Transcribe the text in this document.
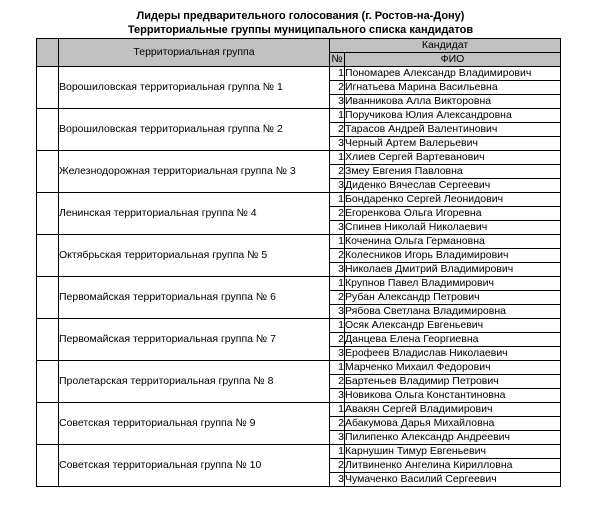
Лидеры предварительного голосования (г. Ростов-на-Дону)
Территориальные группы муниципального списка кандидатов
	Территориальная группа	Кандидат	
		№	ФИО
	Ворошиловская территориальная группа № 1	1	Пономарев Александр Владимирович
		2	Игнатьева Марина Васильевна
		3	Иванникова Алла Викторовна
	Ворошиловская территориальная группа № 2	1	Поручикова Юлия Александровна
		2	Тарасов Андрей Валентинович
		3	Черный Артем Валерьевич
	Железнодорожная территориальная группа № 3	1	Хлиев Сергей Вартеванович
		2	Змеу Евгения Павловна
		3	Диденко Вячеслав Сергеевич
	Ленинская территориальная группа № 4	1	Бондаренко Сергей Леонидович
		2	Егоренкова Ольга Игоревна
		3	Спинев Николай Николаевич
	Октябрьская территориальная группа № 5	1	Коченина Ольга Германовна
		2	Колесников Игорь Владимирович
		3	Николаев Дмитрий Владимирович
	Первомайская территориальная группа № 6	1	Крупнов Павел Владимирович
		2	Рубан Александр Петрович
		3	Рябова Светлана Владимировна
	Первомайская территориальная группа № 7	1	Осяк Александр Евгеньевич
		2	Данцева Елена Георгиевна
		3	Ерофеев Владислав Николаевич
	Пролетарская территориальная группа № 8	1	Марченко Михаил Федорович
		2	Бартеньев Владимир Петрович
		3	Новикова Ольга Константиновна
	Советская территориальная группа № 9	1	Авакян Сергей Владимирович
		2	Абакумова Дарья Михайловна
		3	Пилипенко Александр Андреевич
	Советская территориальная группа № 10	1	Карнушин Тимур Евгеньевич
		2	Литвиненко Ангелина Кирилловна
		3	Чумаченко Василий Сергеевич
